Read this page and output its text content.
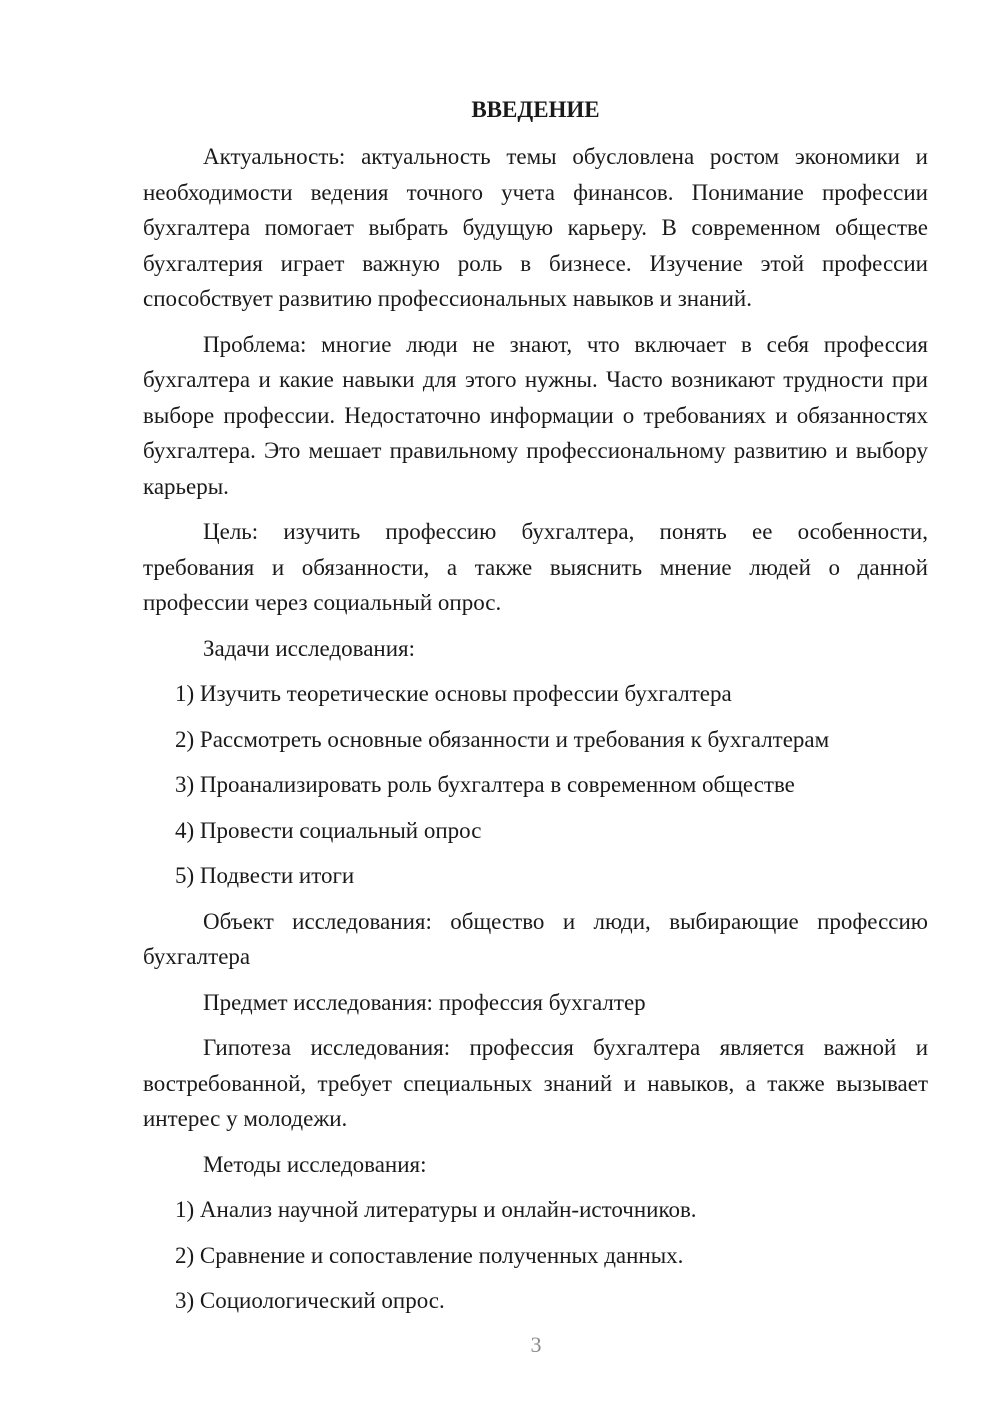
ВВЕДЕНИЕ

Актуальность: актуальность темы обусловлена ростом экономики и необходимости ведения точного учета финансов. Понимание профессии бухгалтера помогает выбрать будущую карьеру. В современном обществе бухгалтерия играет важную роль в бизнесе. Изучение этой профессии способствует развитию профессиональных навыков и знаний.

Проблема: многие люди не знают, что включает в себя профессия бухгалтера и какие навыки для этого нужны. Часто возникают трудности при выборе профессии. Недостаточно информации о требованиях и обязанностях бухгалтера. Это мешает правильному профессиональному развитию и выбору карьеры.

Цель: изучить профессию бухгалтера, понять ее особенности, требования и обязанности, а также выяснить мнение людей о данной профессии через социальный опрос.

Задачи исследования:

1) Изучить теоретические основы профессии бухгалтера

2) Рассмотреть основные обязанности и требования к бухгалтерам

3) Проанализировать роль бухгалтера в современном обществе

4) Провести социальный опрос

5) Подвести итоги

Объект исследования: общество и люди, выбирающие профессию бухгалтера

Предмет исследования: профессия бухгалтер

Гипотеза исследования: профессия бухгалтера является важной и востребованной, требует специальных знаний и навыков, а также вызывает интерес у молодежи.

Методы исследования:

1) Анализ научной литературы и онлайн-источников.

2) Сравнение и сопоставление полученных данных.

3) Социологический опрос.

3
